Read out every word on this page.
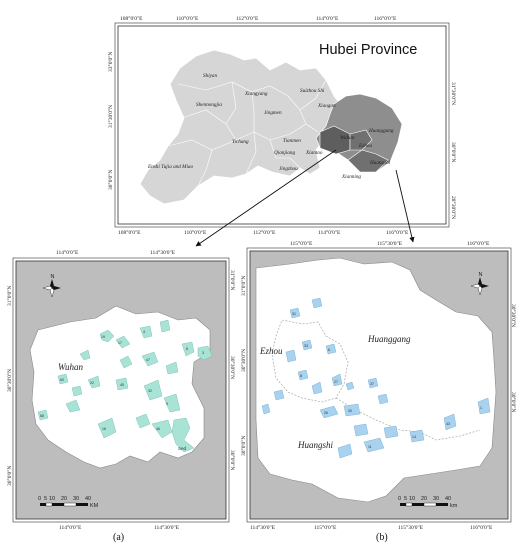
Shiyan
Xiangyang	Suizhou Shi
Shennongjia
Jingmen
Xiaogan
Yichang	Tianmen	Wuhan
Huanggang
Ezhou
Enshi Tujia and Miao
Qianjiang Xiantao
Jingzhou
Huangshi
Xianning
Hubei Province
108°0'0"E	110°0'0"E	112°0'0"E	114°0'0"E	116°0'0"E
108°0'0"E	110°0'0"E	112°0'0"E	114°0'0"E	116°0'0"E
33°0'0"N
31°30'0"N
30°0'0"N
31°30'0"N
30°0'0"N
28°30'0"N
19
17
4
8
3
47
22
32
9
68
16	46
45
60
Wuhan
Sed
N
0 5 10 20 30 40
KM
114°0'0"E	114°30'0"E
114°0'0"E	114°30'0"E
31°0'0"N
30°30'0"N
30°0'0"N
31°0'0"N
30°30'0"N
30°0'0"N
(a)
31
33
6
8
27	37
26	30
11
14
43
1
Ezhou
Huanggang
Huangshi
N
0 5 10 20 30 40
km
115°0'0"E	115°30'0"E	116°0'0"E
114°30'0"E	115°0'0"E	115°30'0"E	116°0'0"E
31°0'0"N
30°30'0"N
30°0'0"N
30°30'0"N
30°0'0"N
(b)
